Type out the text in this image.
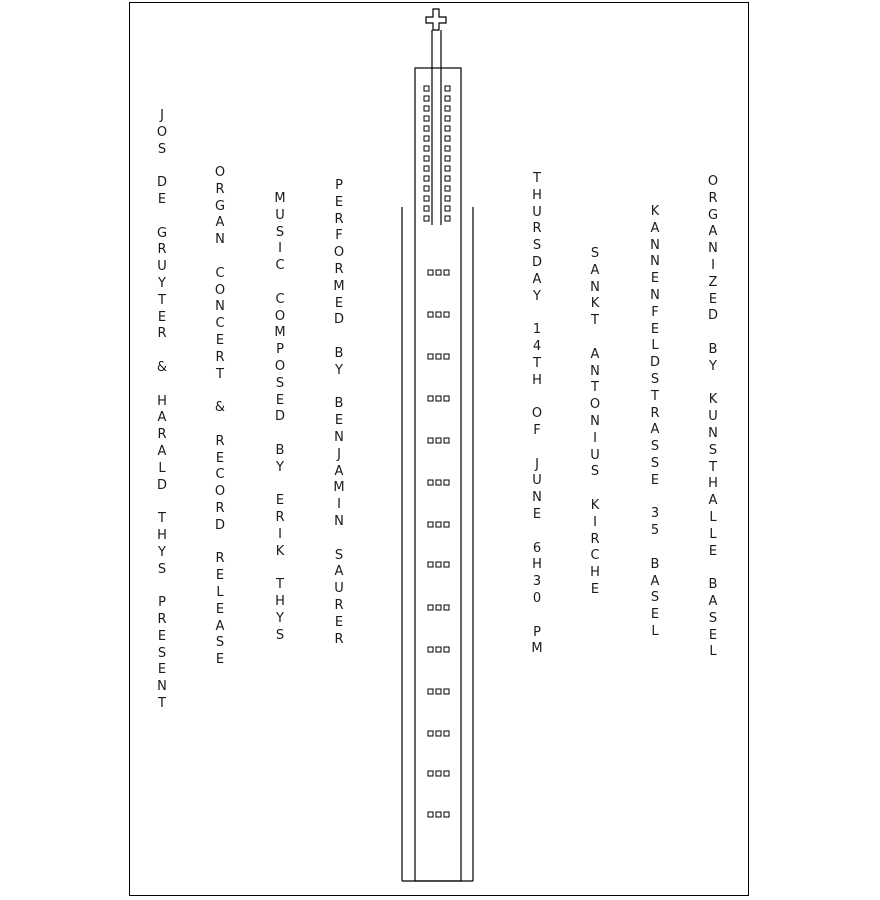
J
O
S

D
E

G
R
U
Y
T
E
R

&

H
A
R
A
L
D

T
H
Y
S

P
R
E
S
E
N
T
O
R
G
A
N

C
O
N
C
E
R
T

&

R
E
C
O
R
D

R
E
L
E
A
S
E
M
U
S
I
C

C
O
M
P
O
S
E
D

B
Y

E
R
I
K

T
H
Y
S
P
E
R
F
O
R
M
E
D

B
Y

B
E
N
J
A
M
I
N

S
A
U
R
E
R
T
H
U
R
S
D
A
Y

1
4
T
H

O
F

J
U
N
E

6
H
3
0

P
M
S
A
N
K
T

A
N
T
O
N
I
U
S

K
I
R
C
H
E
K
A
N
N
E
N
F
E
L
D
S
T
R
A
S
S
E

3
5

B
A
S
E
L
O
R
G
A
N
I
Z
E
D

B
Y

K
U
N
S
T
H
A
L
L
E

B
A
S
E
L
